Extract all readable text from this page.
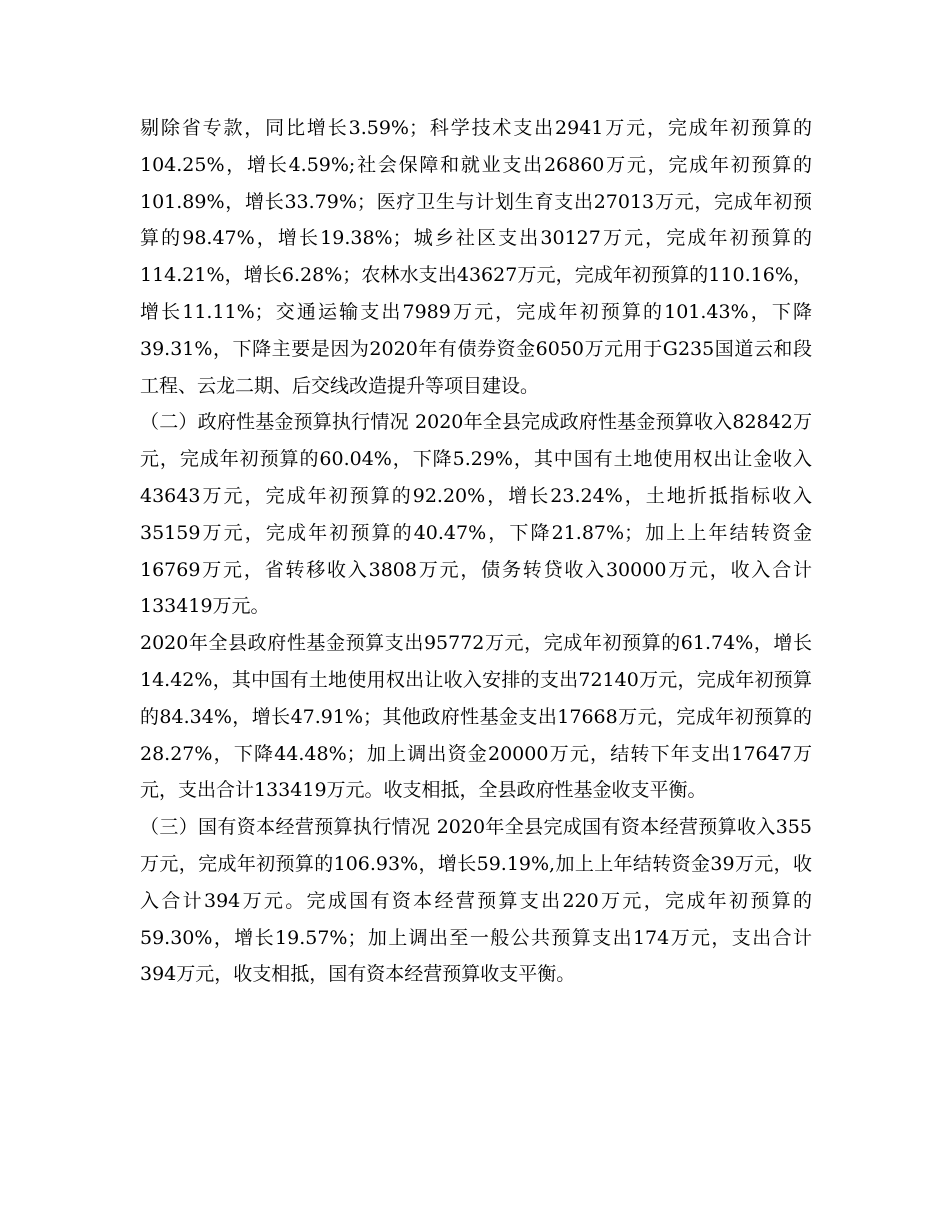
剔除省专款，同比增长3.59%；科学技术支出2941万元，完成年初预算的104.25%，增长4.59%;社会保障和就业支出26860万元，完成年初预算的101.89%，增长33.79%；医疗卫生与计划生育支出27013万元，完成年初预算的98.47%，增长19.38%；城乡社区支出30127万元，完成年初预算的114.21%，增长6.28%；农林水支出43627万元，完成年初预算的110.16%，增长11.11%；交通运输支出7989万元，完成年初预算的101.43%，下降39.31%，下降主要是因为2020年有债券资金6050万元用于G235国道云和段工程、云龙二期、后交线改造提升等项目建设。

（二）政府性基金预算执行情况 2020年全县完成政府性基金预算收入82842万元，完成年初预算的60.04%，下降5.29%，其中国有土地使用权出让金收入43643万元，完成年初预算的92.20%，增长23.24%，土地折抵指标收入35159万元，完成年初预算的40.47%，下降21.87%；加上上年结转资金16769万元，省转移收入3808万元，债务转贷收入30000万元，收入合计133419万元。

2020年全县政府性基金预算支出95772万元，完成年初预算的61.74%，增长14.42%，其中国有土地使用权出让收入安排的支出72140万元，完成年初预算的84.34%，增长47.91%；其他政府性基金支出17668万元，完成年初预算的28.27%，下降44.48%；加上调出资金20000万元，结转下年支出17647万元，支出合计133419万元。收支相抵，全县政府性基金收支平衡。

（三）国有资本经营预算执行情况 2020年全县完成国有资本经营预算收入355万元，完成年初预算的106.93%，增长59.19%,加上上年结转资金39万元，收入合计394万元。完成国有资本经营预算支出220万元，完成年初预算的59.30%，增长19.57%；加上调出至一般公共预算支出174万元，支出合计394万元，收支相抵，国有资本经营预算收支平衡。
